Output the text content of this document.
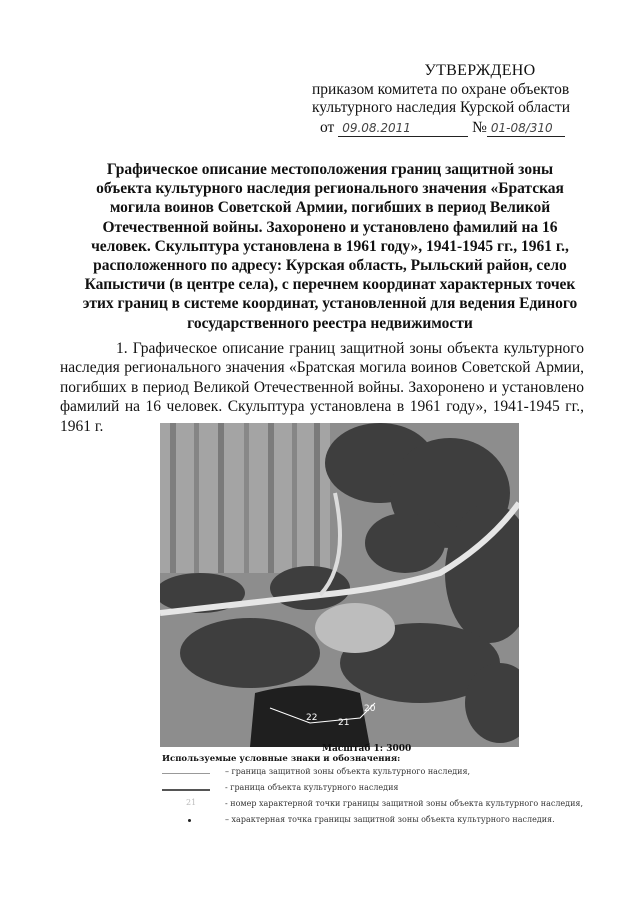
УТВЕРЖДЕНО
приказом комитета по охране объектов
культурного наследия Курской области
от 09.08.2011	№ 01-08/310
Графическое описание местоположения границ защитной зоны объекта культурного наследия регионального значения «Братская могила воинов Советской Армии, погибших в период Великой Отечественной войны. Захоронено и установлено фамилий на 16 человек. Скульптура установлена в 1961 году», 1941-1945 гг., 1961 г., расположенного по адресу: Курская область, Рыльский район, село Капыстичи (в центре села), с перечнем координат характерных точек этих границ в системе координат, установленной для ведения Единого государственного реестра недвижимости

1. Графическое описание границ защитной зоны объекта культурного наследия регионального значения «Братская могила воинов Советской Армии, погибших в период Великой Отечественной войны. Захоронено и установлено фамилий на 16 человек. Скульптура установлена в 1961 году», 1941-1945 гг., 1961 г.

22 21
20
Масштаб 1: 3000
Используемые условные знаки и обозначения:
– граница защитной зоны объекта культурного наследия,
- граница объекта культурного наследия
21	- номер характерной точки границы защитной зоны объекта культурного наследия,
– характерная точка границы защитной зоны объекта культурного наследия.
